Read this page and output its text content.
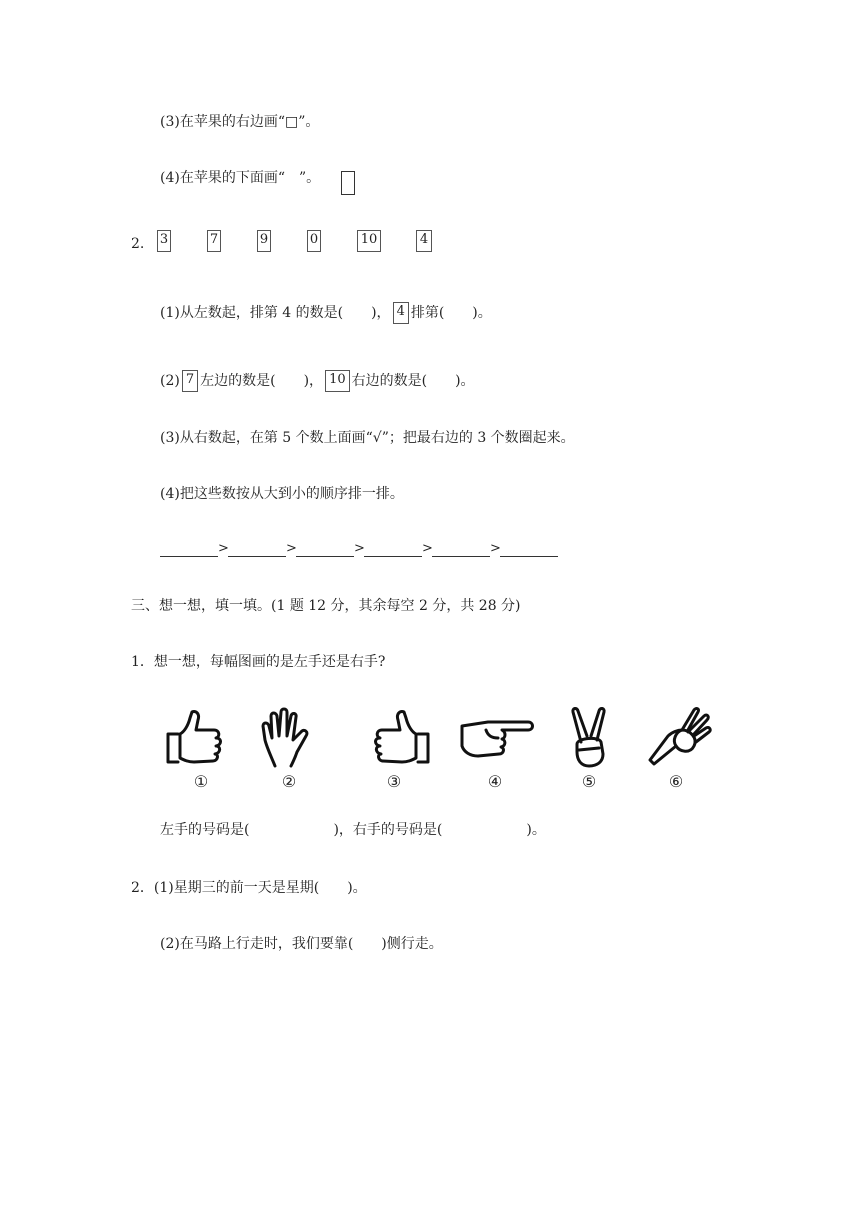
(3)在苹果的右边画“□”。
(4)在苹果的下面画“　”。
2. 3	7	9	0	10	4
(1)从左数起，排第 4 的数是(　　)， 4 排第(　　)。
(2) 7 左边的数是(　　)， 10 右边的数是(　　)。
(3)从右数起，在第 5 个数上面画“√”；把最右边的 3 个数圈起来。
(4)把这些数按从大到小的顺序排一排。
>	>	>	>	>
三、想一想，填一填。(1 题 12 分，其余每空 2 分，共 28 分)
1．想一想，每幅图画的是左手还是右手?
①	②	③	④	⑤	⑥
左手的号码是(　　　　　　)，右手的号码是(　　　　　　)。
2．(1)星期三的前一天是星期(　　)。
(2)在马路上行走时，我们要靠(　　)侧行走。
